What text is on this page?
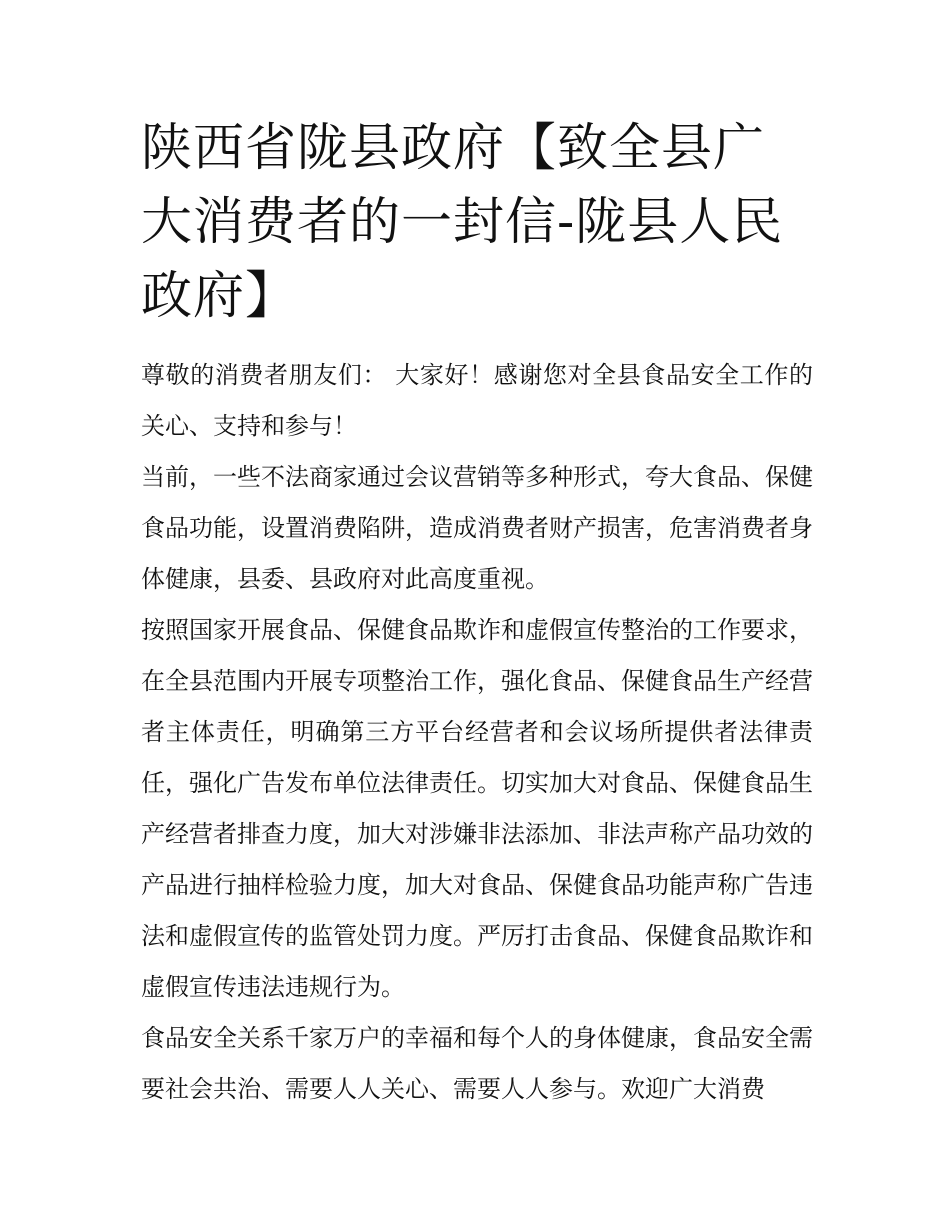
陕西省陇县政府【致全县广大消费者的一封信-陇县人民政府】

尊敬的消费者朋友们： 大家好！感谢您对全县食品安全工作的关心、支持和参与！

当前，一些不法商家通过会议营销等多种形式，夸大食品、保健食品功能，设置消费陷阱，造成消费者财产损害，危害消费者身体健康，县委、县政府对此高度重视。

按照国家开展食品、保健食品欺诈和虚假宣传整治的工作要求，在全县范围内开展专项整治工作，强化食品、保健食品生产经营者主体责任，明确第三方平台经营者和会议场所提供者法律责任，强化广告发布单位法律责任。切实加大对食品、保健食品生产经营者排查力度，加大对涉嫌非法添加、非法声称产品功效的产品进行抽样检验力度，加大对食品、保健食品功能声称广告违法和虚假宣传的监管处罚力度。严厉打击食品、保健食品欺诈和虚假宣传违法违规行为。

食品安全关系千家万户的幸福和每个人的身体健康，食品安全需要社会共治、需要人人关心、需要人人参与。欢迎广大消费
